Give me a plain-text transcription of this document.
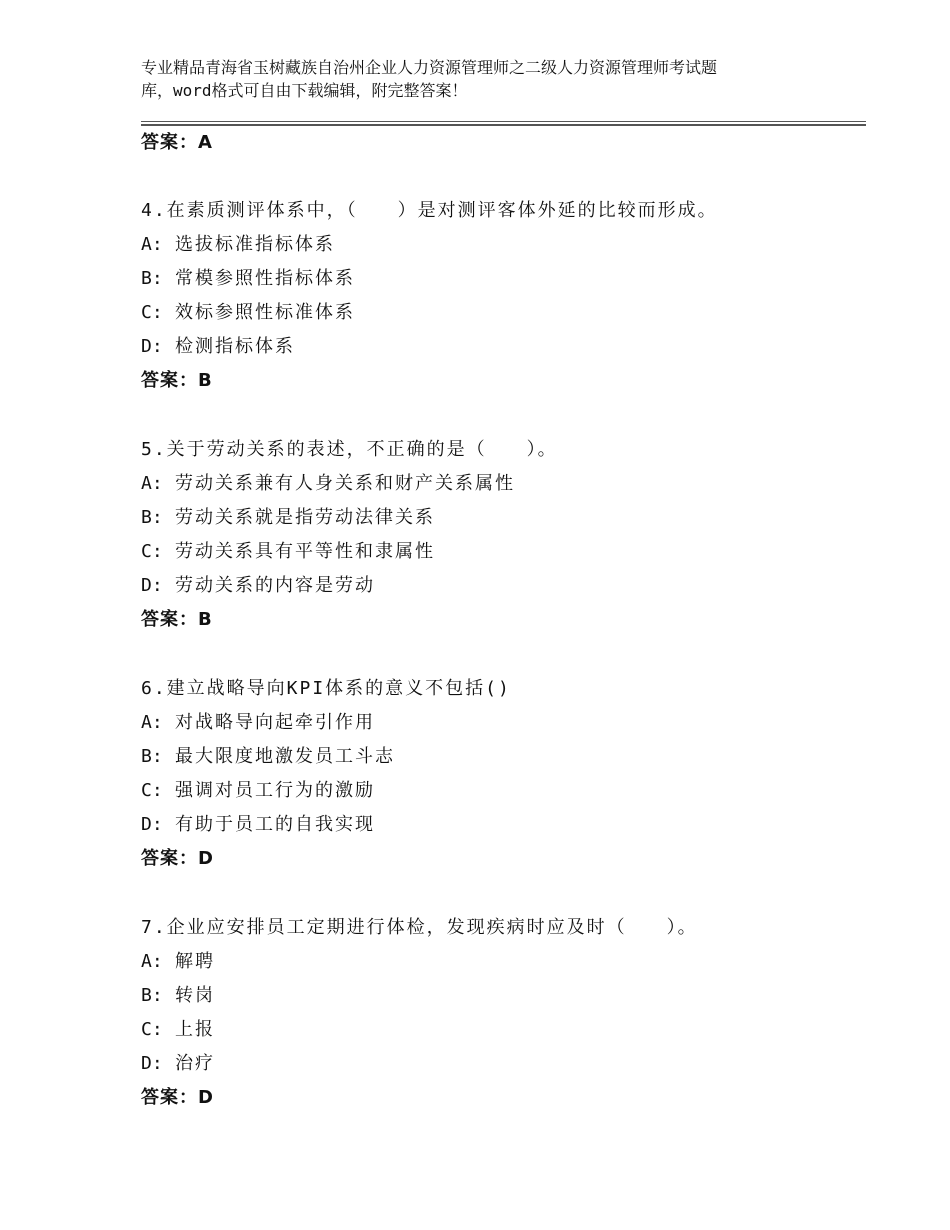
专业精品青海省玉树藏族自治州企业人力资源管理师之二级人力资源管理师考试题
库，word格式可自由下载编辑，附完整答案！
答案：A
4.在素质测评体系中，（　　）是对测评客体外延的比较而形成。
A: 选拔标准指标体系
B: 常模参照性指标体系
C: 效标参照性标准体系
D: 检测指标体系
答案：B
5.关于劳动关系的表述，不正确的是（　　）。
A: 劳动关系兼有人身关系和财产关系属性
B: 劳动关系就是指劳动法律关系
C: 劳动关系具有平等性和隶属性
D: 劳动关系的内容是劳动
答案：B
6.建立战略导向KPI体系的意义不包括()
A: 对战略导向起牵引作用
B: 最大限度地激发员工斗志
C: 强调对员工行为的激励
D: 有助于员工的自我实现
答案：D
7.企业应安排员工定期进行体检，发现疾病时应及时（　　）。
A: 解聘
B: 转岗
C: 上报
D: 治疗
答案：D
